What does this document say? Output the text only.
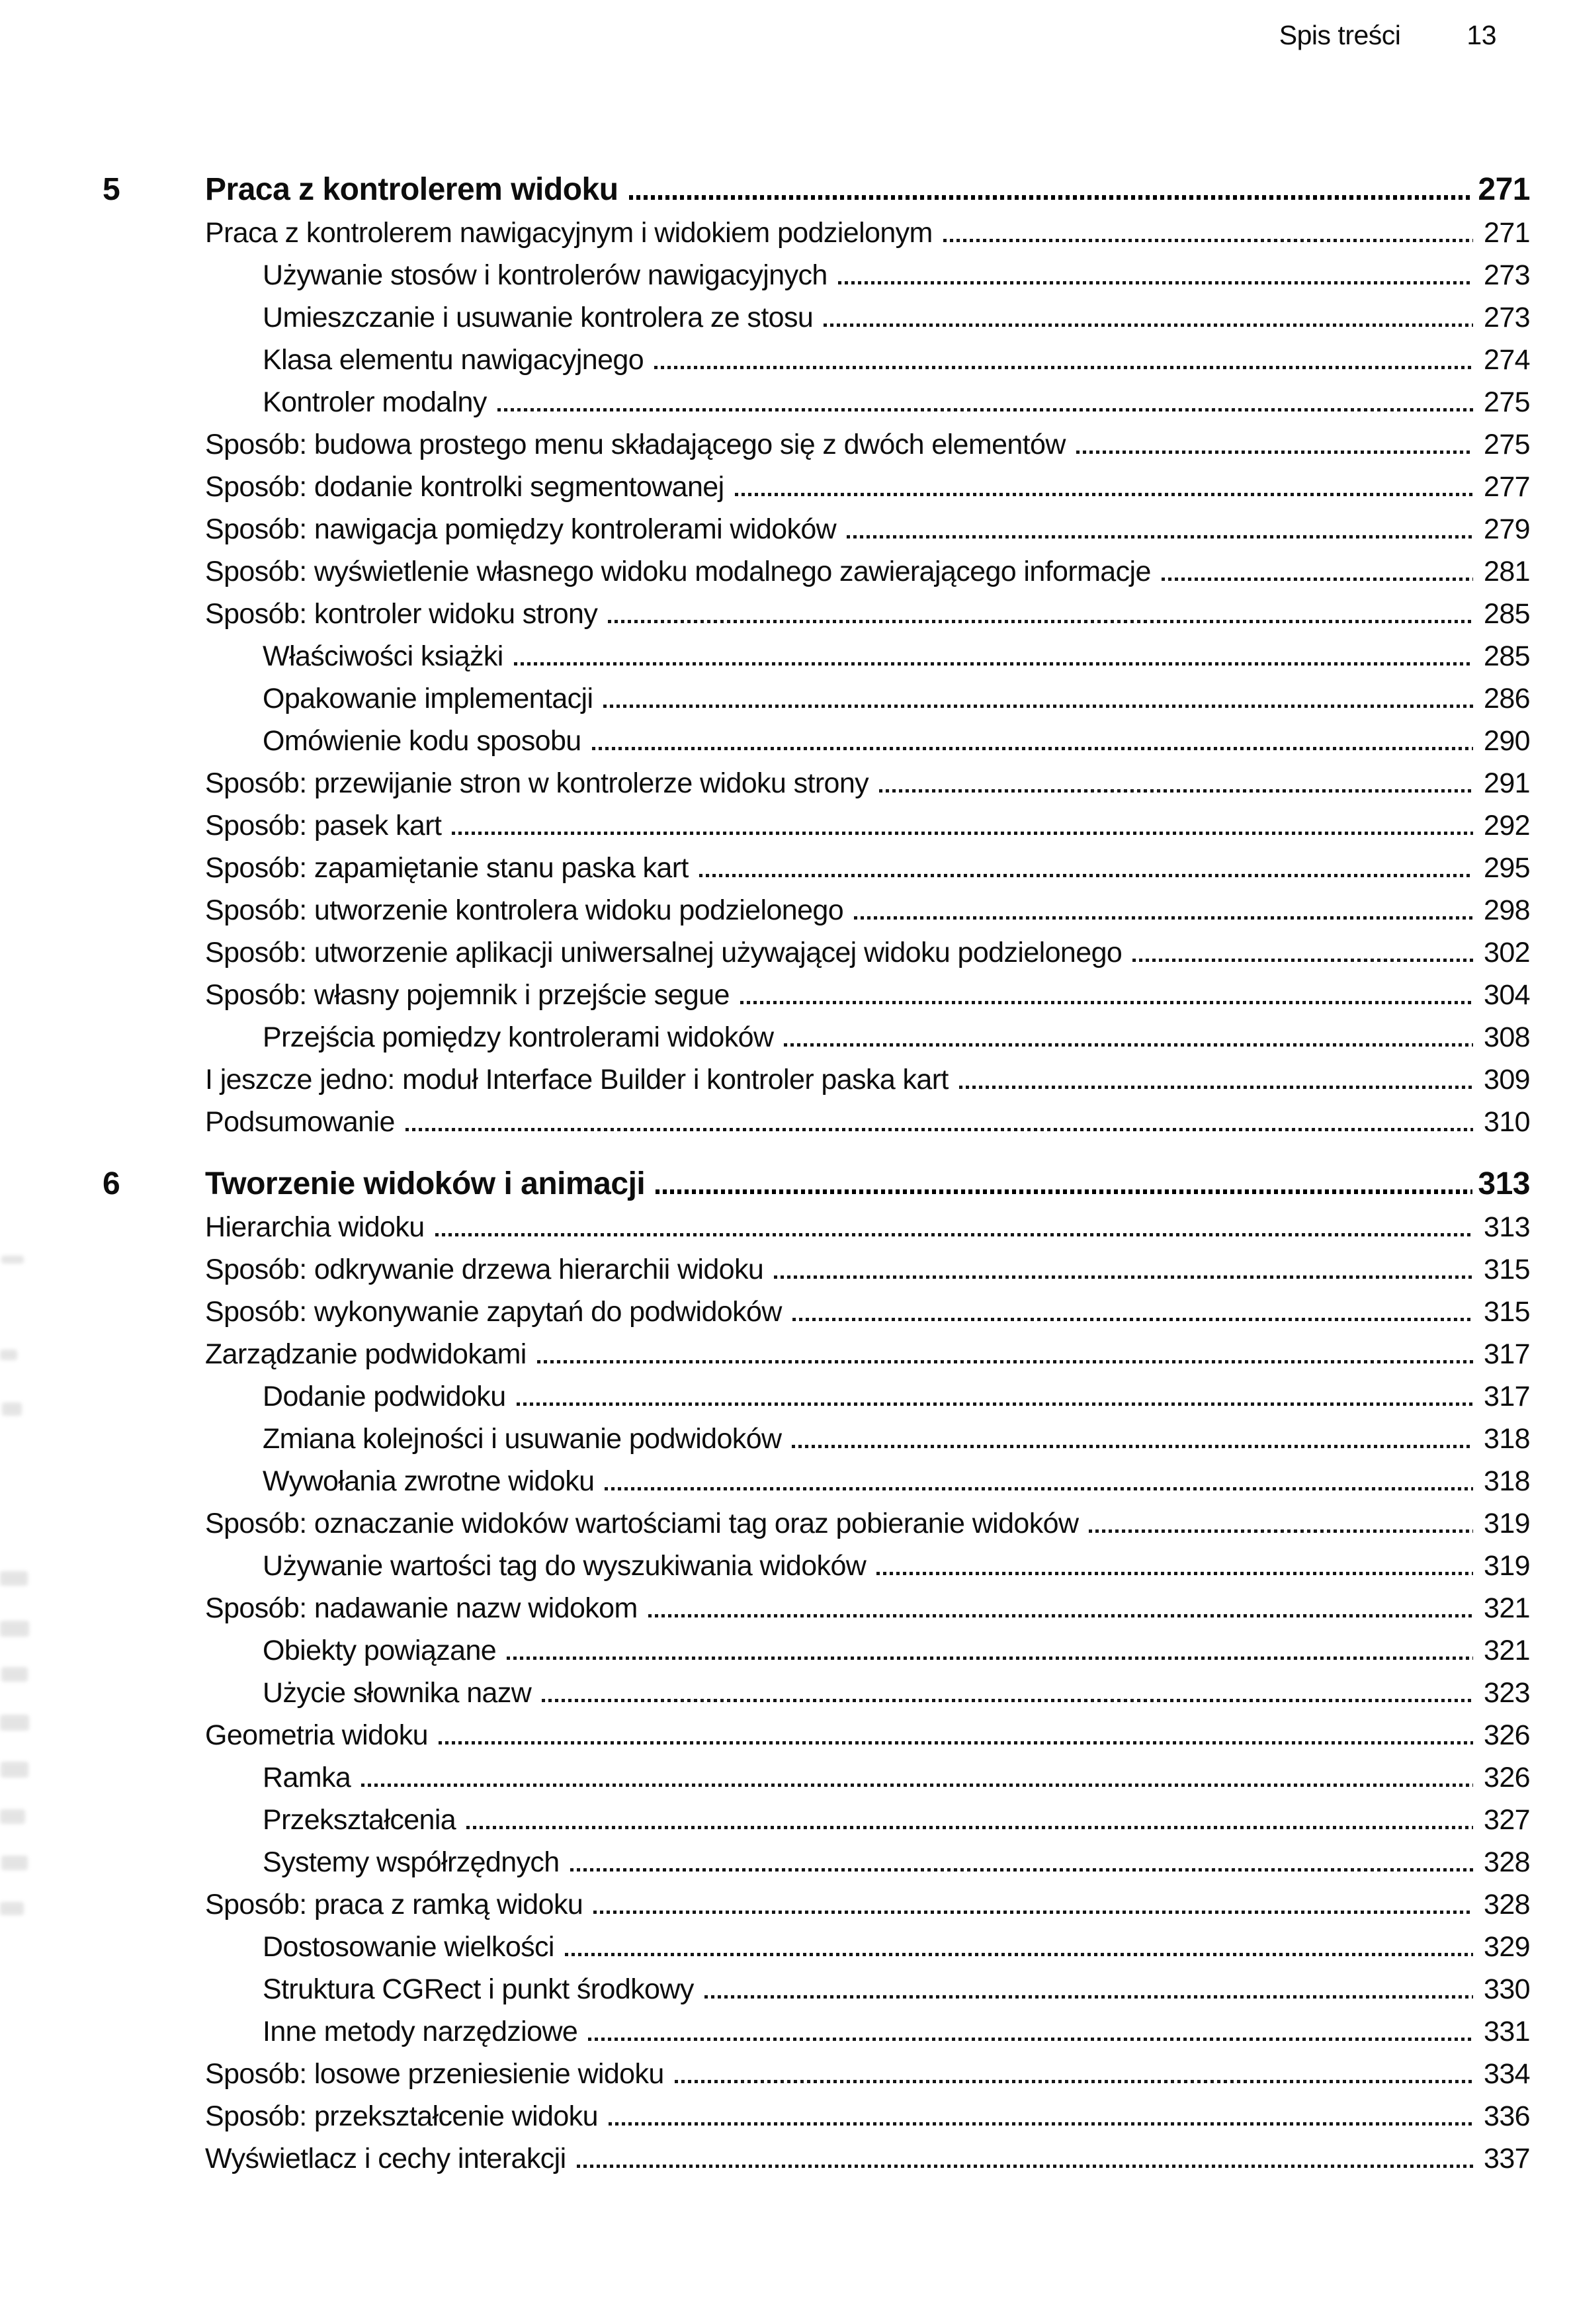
Spis treści 13
5	Praca z kontrolerem widoku	271
Praca z kontrolerem nawigacyjnym i widokiem podzielonym	271
Używanie stosów i kontrolerów nawigacyjnych	273
Umieszczanie i usuwanie kontrolera ze stosu	273
Klasa elementu nawigacyjnego	274
Kontroler modalny	275
Sposób: budowa prostego menu składającego się z dwóch elementów	275
Sposób: dodanie kontrolki segmentowanej	277
Sposób: nawigacja pomiędzy kontrolerami widoków	279
Sposób: wyświetlenie własnego widoku modalnego zawierającego informacje	281
Sposób: kontroler widoku strony	285
Właściwości książki	285
Opakowanie implementacji	286
Omówienie kodu sposobu	290
Sposób: przewijanie stron w kontrolerze widoku strony	291
Sposób: pasek kart	292
Sposób: zapamiętanie stanu paska kart	295
Sposób: utworzenie kontrolera widoku podzielonego	298
Sposób: utworzenie aplikacji uniwersalnej używającej widoku podzielonego	302
Sposób: własny pojemnik i przejście segue	304
Przejścia pomiędzy kontrolerami widoków	308
I jeszcze jedno: moduł Interface Builder i kontroler paska kart	309
Podsumowanie	310
6	Tworzenie widoków i animacji	313
Hierarchia widoku	313
Sposób: odkrywanie drzewa hierarchii widoku	315
Sposób: wykonywanie zapytań do podwidoków	315
Zarządzanie podwidokami	317
Dodanie podwidoku	317
Zmiana kolejności i usuwanie podwidoków	318
Wywołania zwrotne widoku	318
Sposób: oznaczanie widoków wartościami tag oraz pobieranie widoków	319
Używanie wartości tag do wyszukiwania widoków	319
Sposób: nadawanie nazw widokom	321
Obiekty powiązane	321
Użycie słownika nazw	323
Geometria widoku	326
Ramka	326
Przekształcenia	327
Systemy współrzędnych	328
Sposób: praca z ramką widoku	328
Dostosowanie wielkości	329
Struktura CGRect i punkt środkowy	330
Inne metody narzędziowe	331
Sposób: losowe przeniesienie widoku	334
Sposób: przekształcenie widoku	336
Wyświetlacz i cechy interakcji	337
